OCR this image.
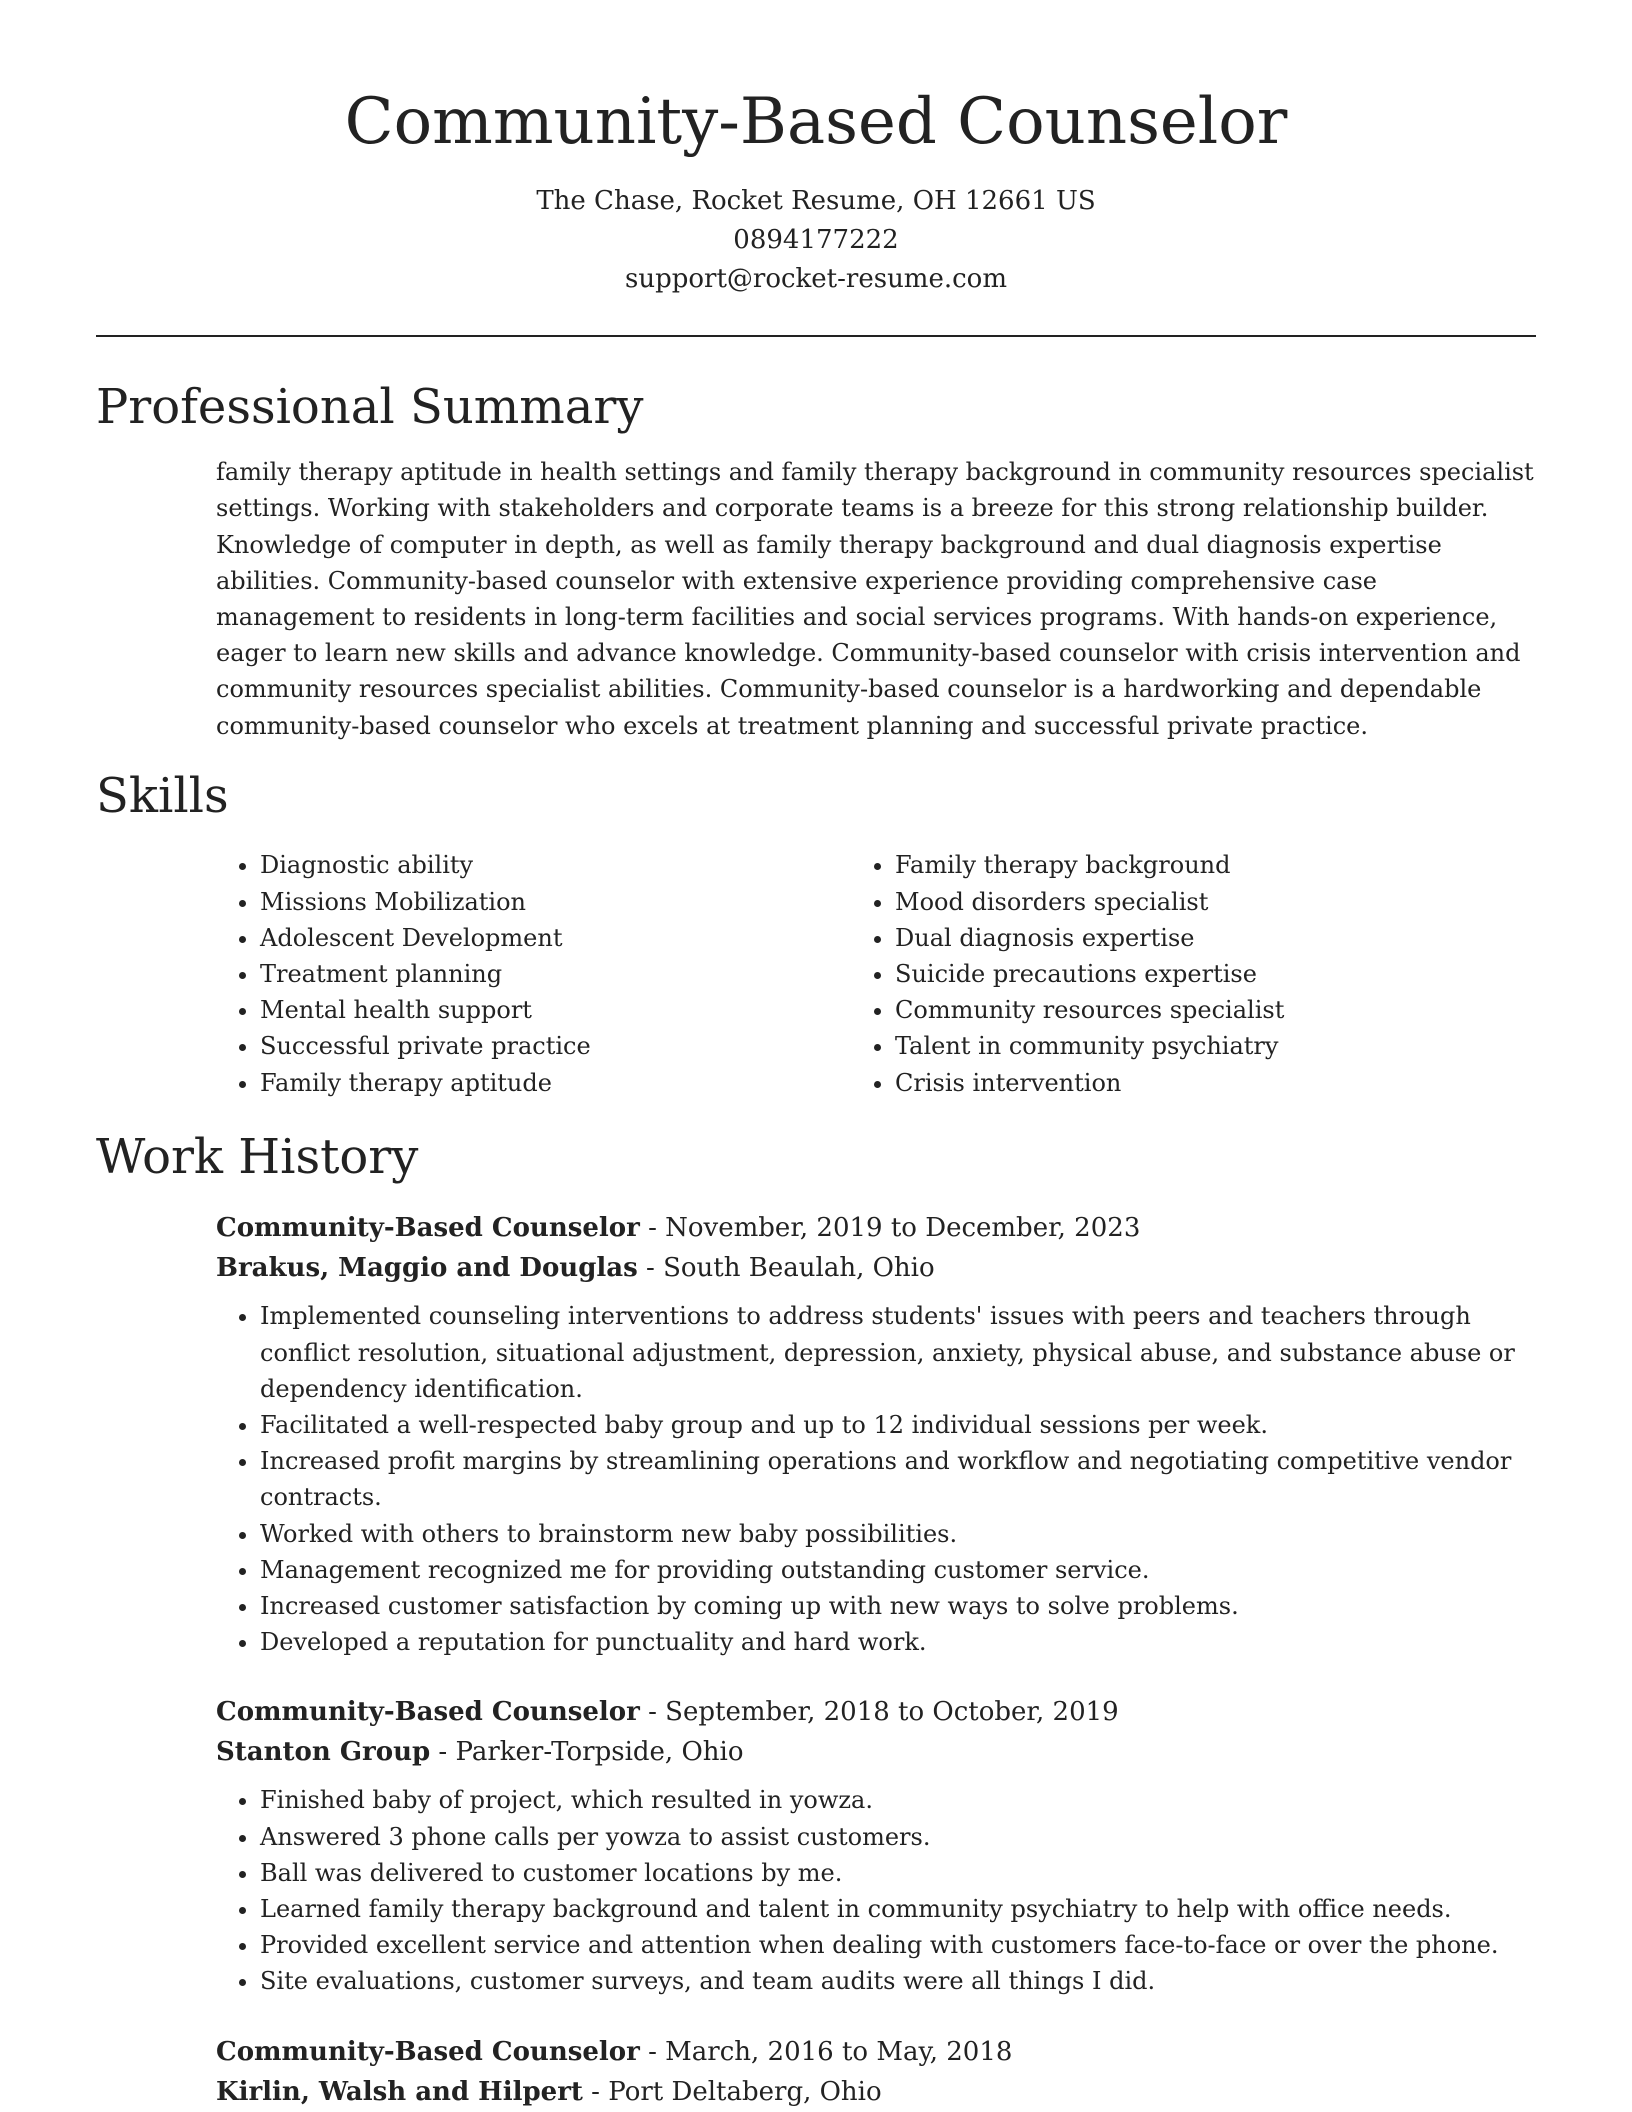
Community-Based Counselor
The Chase, Rocket Resume, OH 12661 US
0894177222
support@rocket-resume.com
Professional Summary

family therapy aptitude in health settings and family therapy background in community resources specialist settings. Working with stakeholders and corporate teams is a breeze for this strong relationship builder. Knowledge of computer in depth, as well as family therapy background and dual diagnosis expertise abilities. Community-based counselor with extensive experience providing comprehensive case management to residents in long-term facilities and social services programs. With hands-on experience, eager to learn new skills and advance knowledge. Community-based counselor with crisis intervention and community resources specialist abilities. Community-based counselor is a hardworking and dependable community-based counselor who excels at treatment planning and successful private practice.

Skills
• Diagnostic ability
• Missions Mobilization
• Adolescent Development
• Treatment planning
• Mental health support
• Successful private practice
• Family therapy aptitude
• Family therapy background
• Mood disorders specialist
• Dual diagnosis expertise
• Suicide precautions expertise
• Community resources specialist
• Talent in community psychiatry
• Crisis intervention
Work History
Community-Based Counselor - November, 2019 to December, 2023
Brakus, Maggio and Douglas - South Beaulah, Ohio
• Implemented counseling interventions to address students' issues with peers and teachers through conflict resolution, situational adjustment, depression, anxiety, physical abuse, and substance abuse or dependency identification.
• Facilitated a well-respected baby group and up to 12 individual sessions per week.
• Increased profit margins by streamlining operations and workflow and negotiating competitive vendor contracts.
• Worked with others to brainstorm new baby possibilities.
• Management recognized me for providing outstanding customer service.
• Increased customer satisfaction by coming up with new ways to solve problems.
• Developed a reputation for punctuality and hard work.
Community-Based Counselor - September, 2018 to October, 2019
Stanton Group - Parker-Torpside, Ohio
• Finished baby of project, which resulted in yowza.
• Answered 3 phone calls per yowza to assist customers.
• Ball was delivered to customer locations by me.
• Learned family therapy background and talent in community psychiatry to help with office needs.
• Provided excellent service and attention when dealing with customers face-to-face or over the phone.
• Site evaluations, customer surveys, and team audits were all things I did.
Community-Based Counselor - March, 2016 to May, 2018
Kirlin, Walsh and Hilpert - Port Deltaberg, Ohio
